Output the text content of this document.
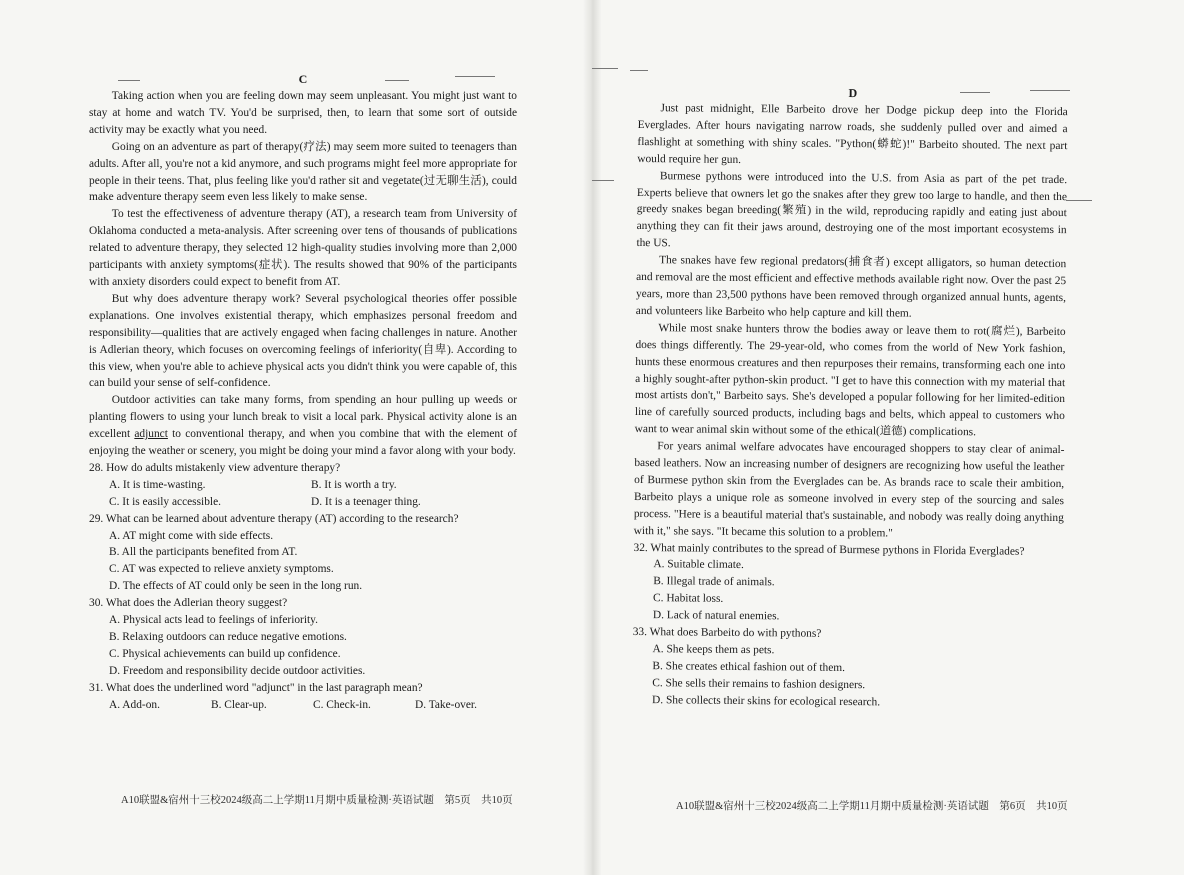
C

Taking action when you are feeling down may seem unpleasant. You might just want to stay at home and watch TV. You'd be surprised, then, to learn that some sort of outside activity may be exactly what you need.

Going on an adventure as part of therapy(疗法) may seem more suited to teenagers than adults. After all, you're not a kid anymore, and such programs might feel more appropriate for people in their teens. That, plus feeling like you'd rather sit and vegetate(过无聊生活), could make adventure therapy seem even less likely to make sense.

To test the effectiveness of adventure therapy (AT), a research team from University of Oklahoma conducted a meta-analysis. After screening over tens of thousands of publications related to adventure therapy, they selected 12 high-quality studies involving more than 2,000 participants with anxiety symptoms(症状). The results showed that 90% of the participants with anxiety disorders could expect to benefit from AT.

But why does adventure therapy work? Several psychological theories offer possible explanations. One involves existential therapy, which emphasizes personal freedom and responsibility—qualities that are actively engaged when facing challenges in nature. Another is Adlerian theory, which focuses on overcoming feelings of inferiority(自卑). According to this view, when you're able to achieve physical acts you didn't think you were capable of, this can build your sense of self-confidence.

Outdoor activities can take many forms, from spending an hour pulling up weeds or planting flowers to using your lunch break to visit a local park. Physical activity alone is an excellent adjunct to conventional therapy, and when you combine that with the element of enjoying the weather or scenery, you might be doing your mind a favor along with your body.

28. How do adults mistakenly view adventure therapy?
A. It is time-wasting.	B. It is worth a try.
C. It is easily accessible.	D. It is a teenager thing.
29. What can be learned about adventure therapy (AT) according to the research?
A. AT might come with side effects.
B. All the participants benefited from AT.
C. AT was expected to relieve anxiety symptoms.
D. The effects of AT could only be seen in the long run.
30. What does the Adlerian theory suggest?
A. Physical acts lead to feelings of inferiority.
B. Relaxing outdoors can reduce negative emotions.
C. Physical achievements can build up confidence.
D. Freedom and responsibility decide outdoor activities.
31. What does the underlined word "adjunct" in the last paragraph mean?
A. Add-on.	B. Clear-up.	C. Check-in.	D. Take-over.
D

Just past midnight, Elle Barbeito drove her Dodge pickup deep into the Florida Everglades. After hours navigating narrow roads, she suddenly pulled over and aimed a flashlight at something with shiny scales. "Python(蟒蛇)!" Barbeito shouted. The next part would require her gun.

Burmese pythons were introduced into the U.S. from Asia as part of the pet trade. Experts believe that owners let go the snakes after they grew too large to handle, and then the greedy snakes began breeding(繁殖) in the wild, reproducing rapidly and eating just about anything they can fit their jaws around, destroying one of the most important ecosystems in the US.

The snakes have few regional predators(捕食者) except alligators, so human detection and removal are the most efficient and effective methods available right now. Over the past 25 years, more than 23,500 pythons have been removed through organized annual hunts, agents, and volunteers like Barbeito who help capture and kill them.

While most snake hunters throw the bodies away or leave them to rot(腐烂), Barbeito does things differently. The 29-year-old, who comes from the world of New York fashion, hunts these enormous creatures and then repurposes their remains, transforming each one into a highly sought-after python-skin product. "I get to have this connection with my material that most artists don't," Barbeito says. She's developed a popular following for her limited-edition line of carefully sourced products, including bags and belts, which appeal to customers who want to wear animal skin without some of the ethical(道德) complications.

For years animal welfare advocates have encouraged shoppers to stay clear of animal-based leathers. Now an increasing number of designers are recognizing how useful the leather of Burmese python skin from the Everglades can be. As brands race to scale their ambition, Barbeito plays a unique role as someone involved in every step of the sourcing and sales process. "Here is a beautiful material that's sustainable, and nobody was really doing anything with it," she says. "It became this solution to a problem."

32. What mainly contributes to the spread of Burmese pythons in Florida Everglades?
A. Suitable climate.
B. Illegal trade of animals.
C. Habitat loss.
D. Lack of natural enemies.
33. What does Barbeito do with pythons?
A. She keeps them as pets.
B. She creates ethical fashion out of them.
C. She sells their remains to fashion designers.
D. She collects their skins for ecological research.
A10联盟&宿州十三校2024级高二上学期11月期中质量检测·英语试题　第5页　共10页
A10联盟&宿州十三校2024级高二上学期11月期中质量检测·英语试题　第6页　共10页
